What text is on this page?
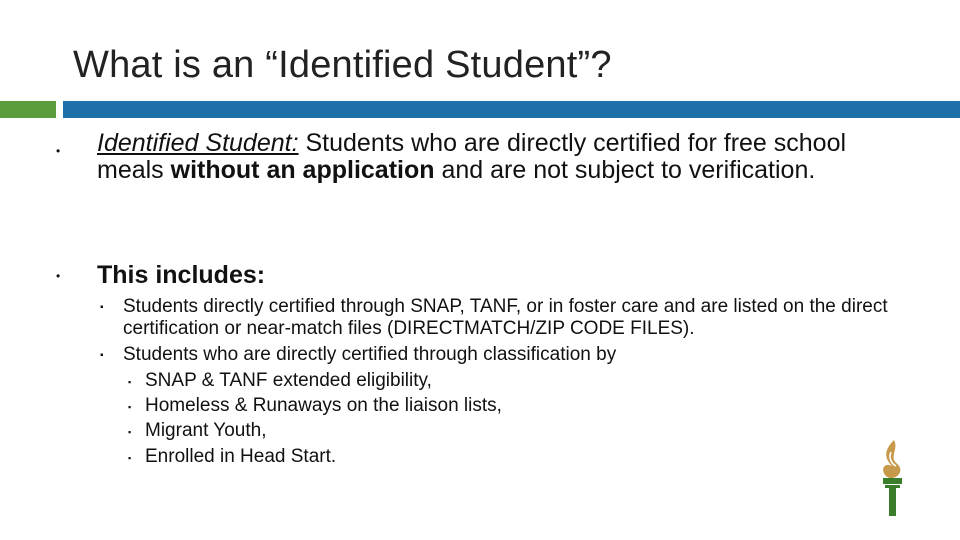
What is an “Identified Student”?
• Identified Student: Students who are directly certified for free school meals without an application and are not subject to verification.
• This includes:
▪ Students directly certified through SNAP, TANF, or in foster care and are listed on the direct certification or near-match files (DIRECTMATCH/ZIP CODE FILES).
▪ Students who are directly certified through classification by
▪ SNAP & TANF extended eligibility,
▪ Homeless & Runaways on the liaison lists,
▪ Migrant Youth,
▪ Enrolled in Head Start.
